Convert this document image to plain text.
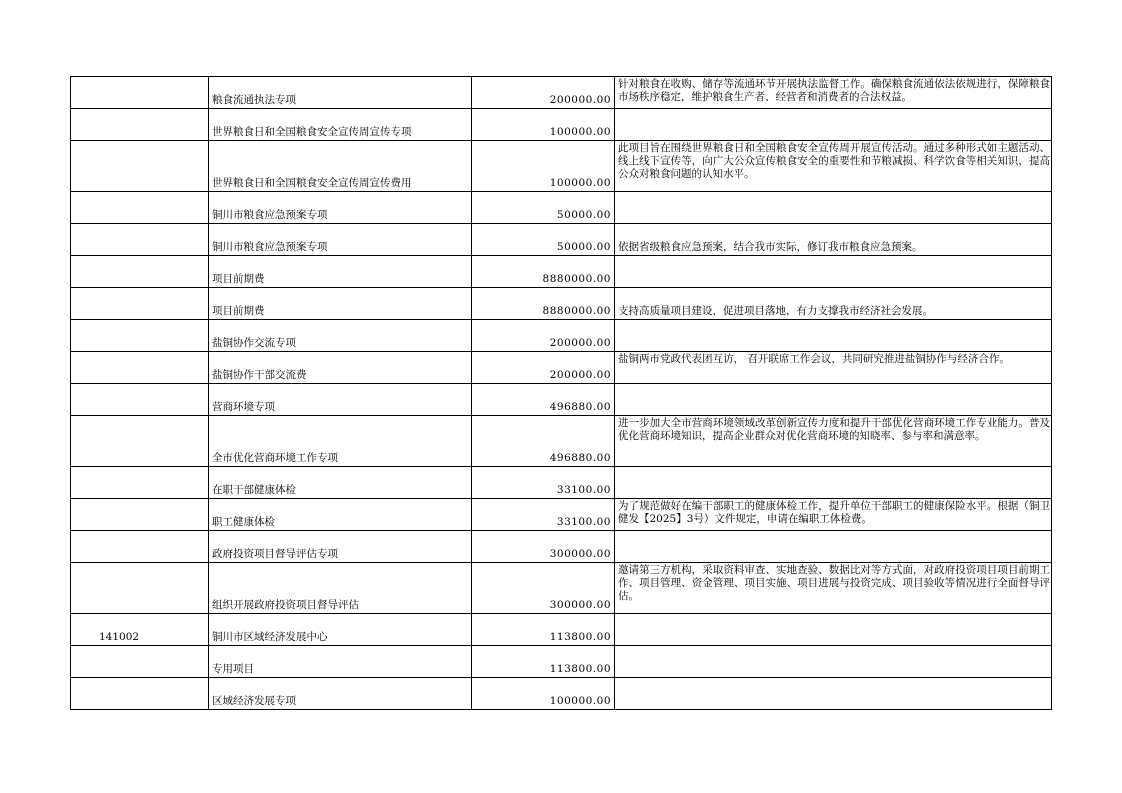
	粮食流通执法专项	200000.00	针对粮食在收购、储存等流通环节开展执法监督工作。确保粮食流通依法依规进行，保障粮食市场秩序稳定，维护粮食生产者、经营者和消费者的合法权益。
	世界粮食日和全国粮食安全宣传周宣传专项	100000.00	
	世界粮食日和全国粮食安全宣传周宣传费用	100000.00	此项目旨在围绕世界粮食日和全国粮食安全宣传周开展宣传活动。通过多种形式如主题活动、线上线下宣传等，向广大公众宣传粮食安全的重要性和节粮减损、科学饮食等相关知识，提高公众对粮食问题的认知水平。
	铜川市粮食应急预案专项	50000.00	
	铜川市粮食应急预案专项	50000.00	依据省级粮食应急预案，结合我市实际，修订我市粮食应急预案。
	项目前期费	8880000.00	
	项目前期费	8880000.00	支持高质量项目建设，促进项目落地，有力支撑我市经济社会发展。
	盐铜协作交流专项	200000.00	
	盐铜协作干部交流费	200000.00	盐铜两市党政代表团互访， 召开联席工作会议，共同研究推进盐铜协作与经济合作。
	营商环境专项	496880.00	
	全市优化营商环境工作专项	496880.00	进一步加大全市营商环境领域改革创新宣传力度和提升干部优化营商环境工作专业能力。普及优化营商环境知识，提高企业群众对优化营商环境的知晓率、参与率和满意率。
	在职干部健康体检	33100.00	
	职工健康体检	33100.00	为了规范做好在编干部职工的健康体检工作，提升单位干部职工的健康保险水平。根据（铜卫健发【2025】3号）文件规定，申请在编职工体检费。
	政府投资项目督导评估专项	300000.00	
	组织开展政府投资项目督导评估	300000.00	邀请第三方机构，采取资料审查、实地查验、数据比对等方式面，对政府投资项目项目前期工作、项目管理、资金管理、项目实施、项目进展与投资完成、项目验收等情况进行全面督导评估。
141002	铜川市区域经济发展中心	113800.00	
	专用项目	113800.00	
	区域经济发展专项	100000.00	
